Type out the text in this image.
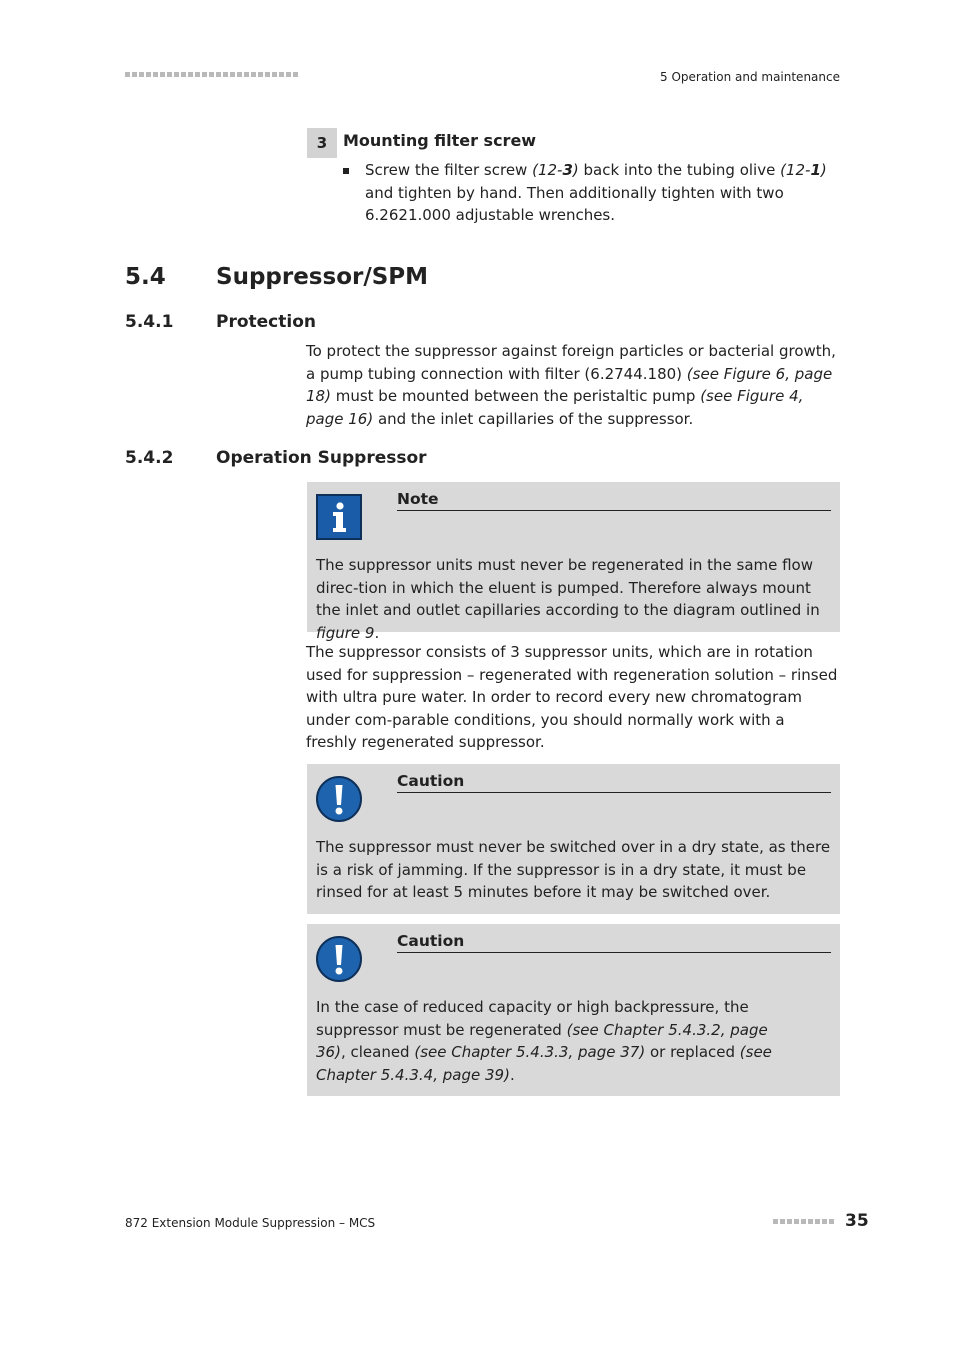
5 Operation and maintenance
3 Mounting filter screw
Screw the filter screw (12-3) back into the tubing olive (12-1) and tighten by hand. Then additionally tighten with two 6.2621.000 adjustable wrenches.
5.4 Suppressor/SPM
5.4.1	Protection
To protect the suppressor against foreign particles or bacterial growth, a pump tubing connection with filter (6.2744.180) (see Figure 6, page 18) must be mounted between the peristaltic pump (see Figure 4, page 16) and the inlet capillaries of the suppressor.
5.4.2	Operation Suppressor
Note
The suppressor units must never be regenerated in the same flow direc-tion in which the eluent is pumped. Therefore always mount the inlet and outlet capillaries according to the diagram outlined in figure 9.
The suppressor consists of 3 suppressor units, which are in rotation used for suppression – regenerated with regeneration solution – rinsed with ultra pure water. In order to record every new chromatogram under com-parable conditions, you should normally work with a freshly regenerated suppressor.
Caution
The suppressor must never be switched over in a dry state, as there is a risk of jamming. If the suppressor is in a dry state, it must be rinsed for at least 5 minutes before it may be switched over.
Caution
In the case of reduced capacity or high backpressure, the suppressor must be regenerated (see Chapter 5.4.3.2, page 36), cleaned (see Chapter 5.4.3.3, page 37) or replaced (see Chapter 5.4.3.4, page 39).
872 Extension Module Suppression – MCS	35
